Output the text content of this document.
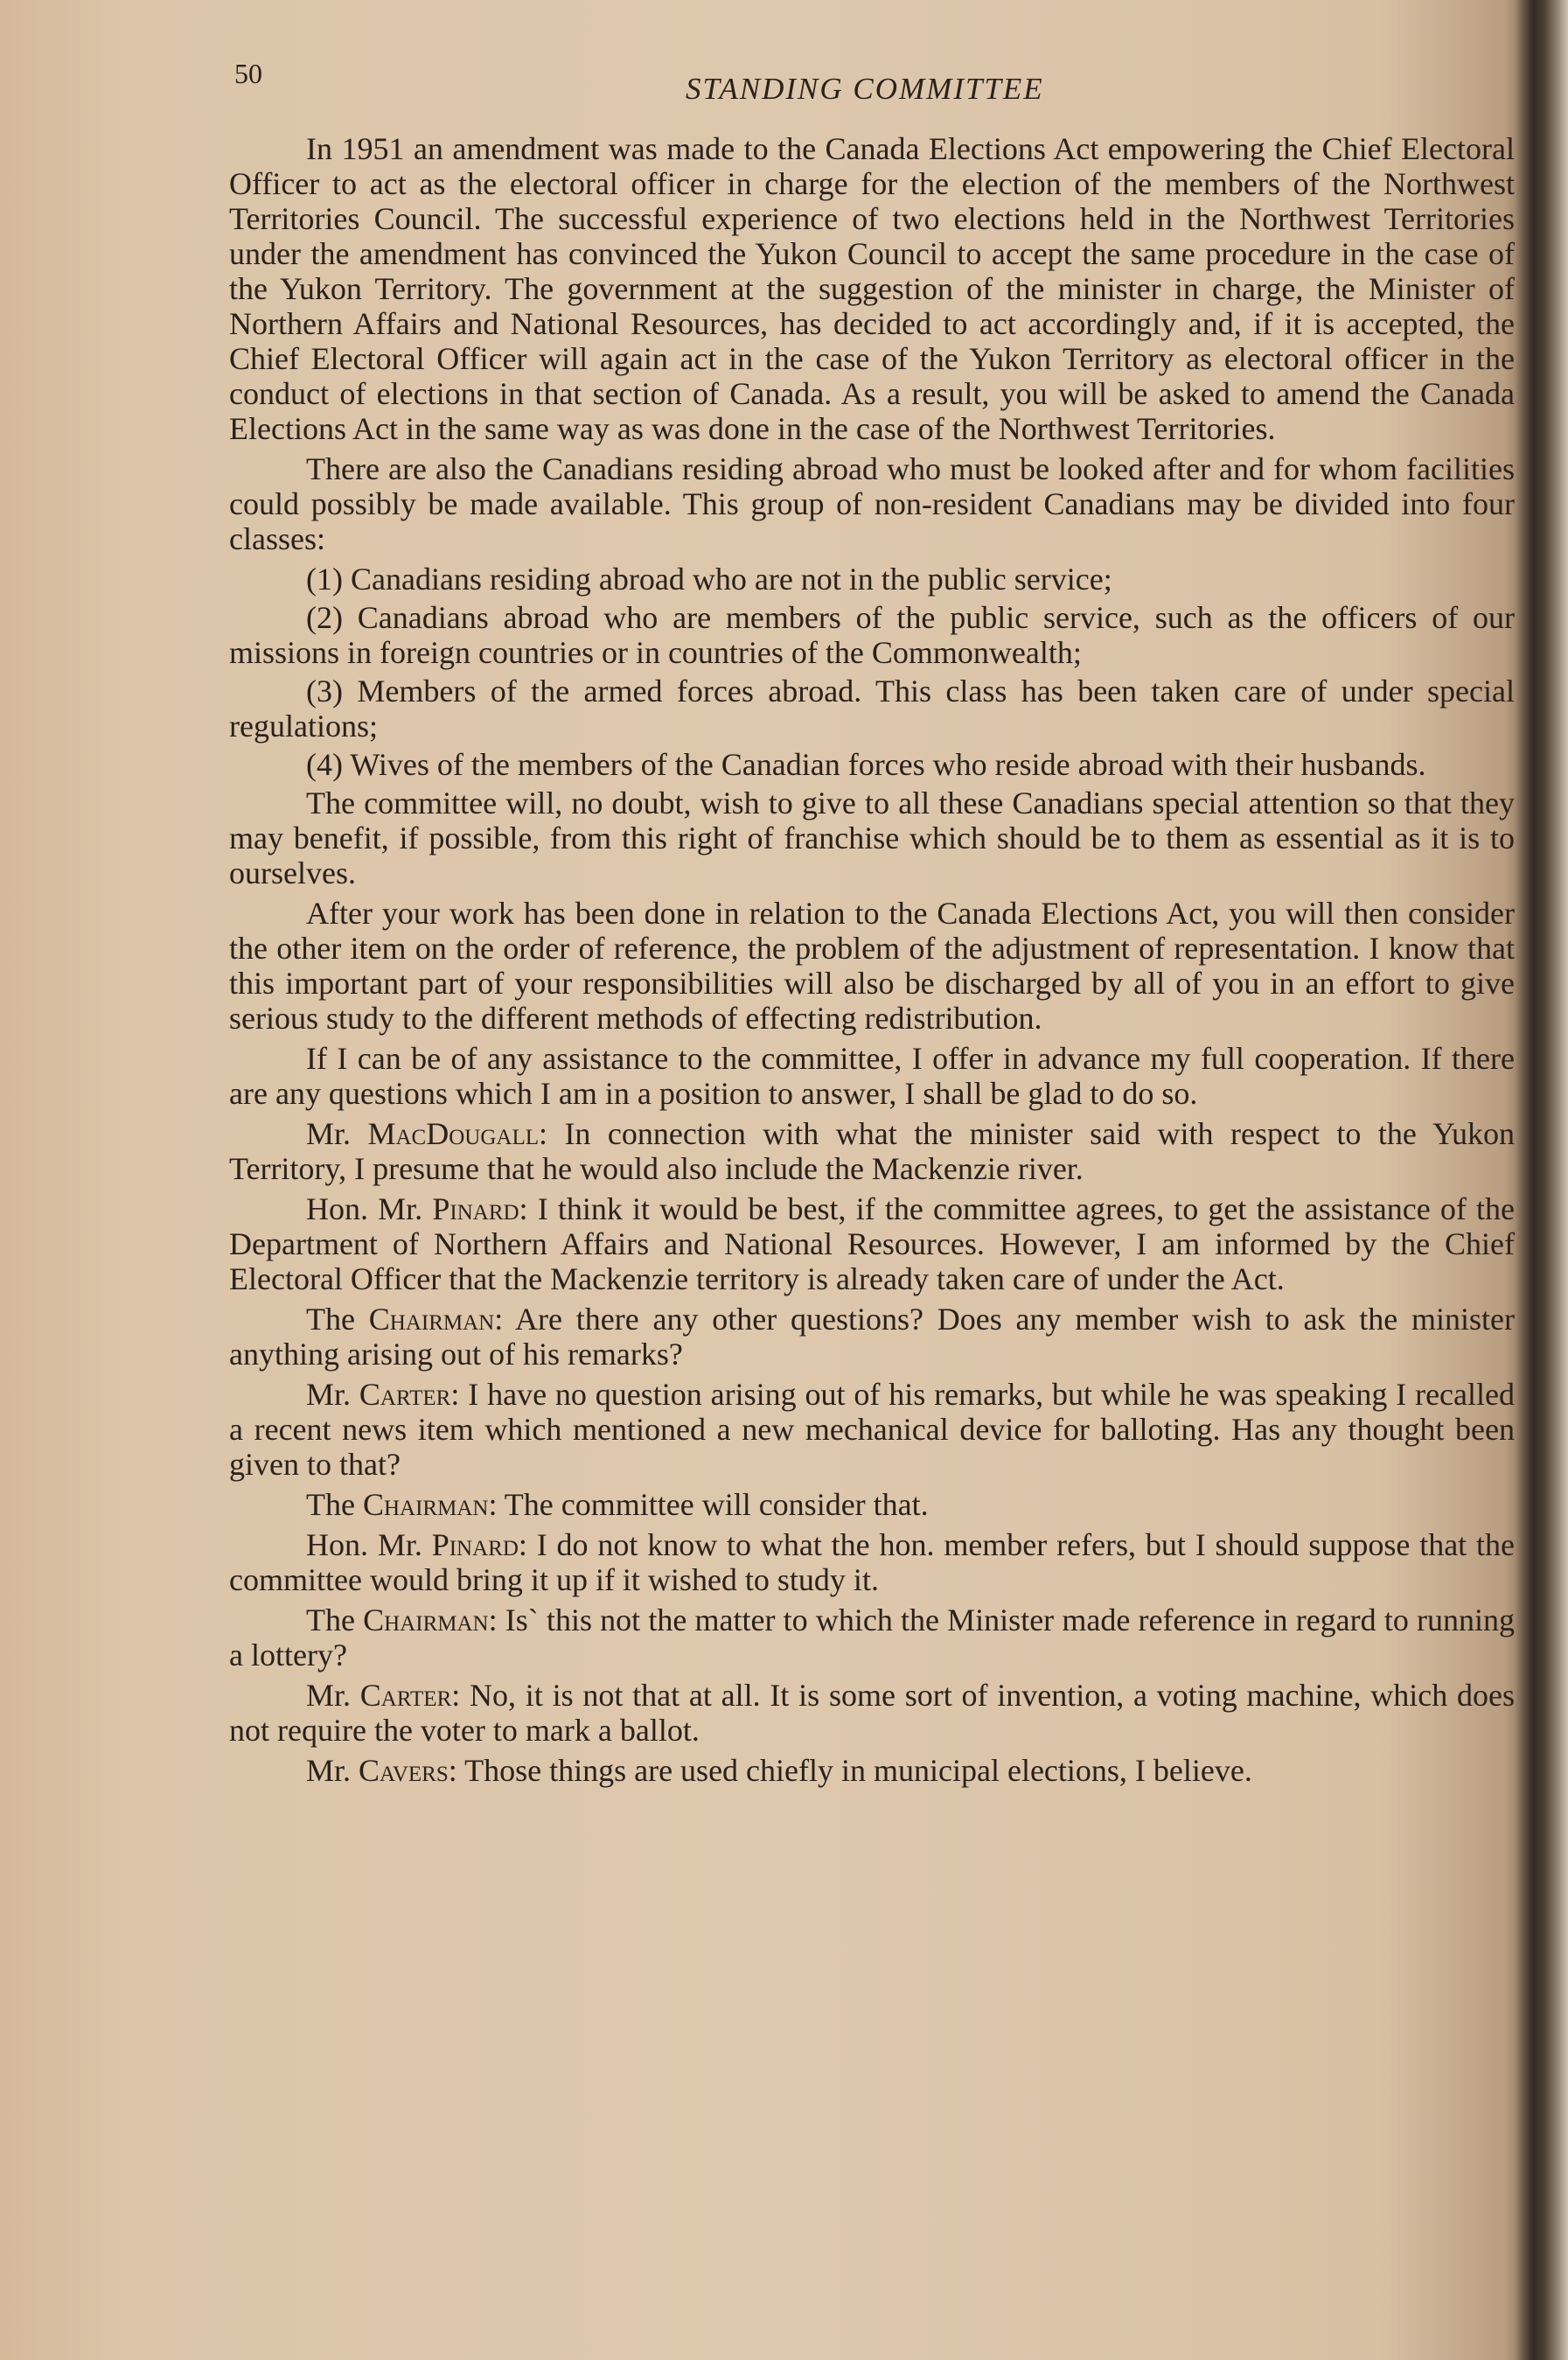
50	STANDING COMMITTEE

In 1951 an amendment was made to the Canada Elections Act empowering the Chief Electoral Officer to act as the electoral officer in charge for the election of the members of the Northwest Territories Council. The successful experience of two elections held in the Northwest Territories under the amendment has convinced the Yukon Council to accept the same procedure in the case of the Yukon Territory. The government at the suggestion of the minister in charge, the Minister of Northern Affairs and National Resources, has decided to act accordingly and, if it is accepted, the Chief Electoral Officer will again act in the case of the Yukon Territory as electoral officer in the conduct of elections in that section of Canada. As a result, you will be asked to amend the Canada Elections Act in the same way as was done in the case of the Northwest Territories.

There are also the Canadians residing abroad who must be looked after and for whom facilities could possibly be made available. This group of non-resident Canadians may be divided into four classes:

(1) Canadians residing abroad who are not in the public service;

(2) Canadians abroad who are members of the public service, such as the officers of our missions in foreign countries or in countries of the Commonwealth;

(3) Members of the armed forces abroad. This class has been taken care of under special regulations;

(4) Wives of the members of the Canadian forces who reside abroad with their husbands.

The committee will, no doubt, wish to give to all these Canadians special attention so that they may benefit, if possible, from this right of franchise which should be to them as essential as it is to ourselves.

After your work has been done in relation to the Canada Elections Act, you will then consider the other item on the order of reference, the problem of the adjustment of representation. I know that this important part of your responsibilities will also be discharged by all of you in an effort to give serious study to the different methods of effecting redistribution.

If I can be of any assistance to the committee, I offer in advance my full cooperation. If there are any questions which I am in a position to answer, I shall be glad to do so.

Mr. MacDougall: In connection with what the minister said with respect to the Yukon Territory, I presume that he would also include the Mackenzie river.

Hon. Mr. Pinard: I think it would be best, if the committee agrees, to get the assistance of the Department of Northern Affairs and National Resources. However, I am informed by the Chief Electoral Officer that the Mackenzie territory is already taken care of under the Act.

The Chairman: Are there any other questions? Does any member wish to ask the minister anything arising out of his remarks?

Mr. Carter: I have no question arising out of his remarks, but while he was speaking I recalled a recent news item which mentioned a new mechanical device for balloting. Has any thought been given to that?

The Chairman: The committee will consider that.

Hon. Mr. Pinard: I do not know to what the hon. member refers, but I should suppose that the committee would bring it up if it wished to study it.

The Chairman: Is` this not the matter to which the Minister made reference in regard to running a lottery?

Mr. Carter: No, it is not that at all. It is some sort of invention, a voting machine, which does not require the voter to mark a ballot.

Mr. Cavers: Those things are used chiefly in municipal elections, I believe.
